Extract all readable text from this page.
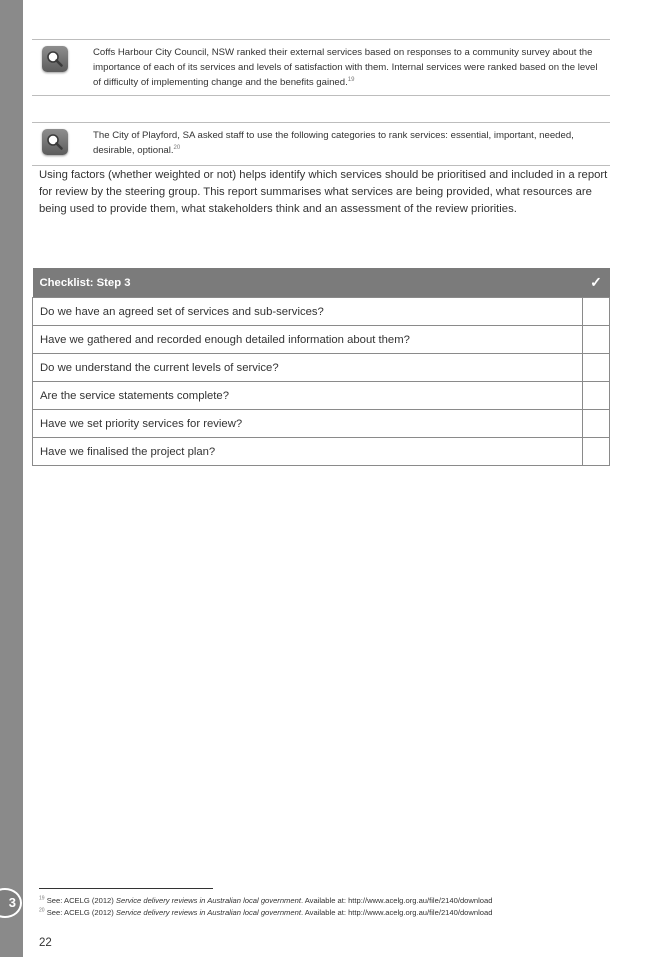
3
Coffs Harbour City Council, NSW ranked their external services based on responses to a community survey about the importance of each of its services and levels of satisfaction with them. Internal services were ranked based on the level of difficulty of implementing change and the benefits gained.$^{19}$
The City of Playford, SA asked staff to use the following categories to rank services: essential, important, needed, desirable, optional.$^{20}$
Using factors (whether weighted or not) helps identify which services should be prioritised and included in a report for review by the steering group. This report summarises what services are being provided, what resources are being used to provide them, what stakeholders think and an assessment of the review priorities.
Checklist: Step 3	✓
Do we have an agreed set of services and sub-services?	
Have we gathered and recorded enough detailed information about them?	
Do we understand the current levels of service?	
Are the service statements complete?	
Have we set priority services for review?	
Have we finalised the project plan?	
$^{19}$ See: ACELG (2012) Service delivery reviews in Australian local government. Available at: http://www.acelg.org.au/file/2140/download
$^{20}$ See: ACELG (2012) Service delivery reviews in Australian local government. Available at: http://www.acelg.org.au/file/2140/download
22
